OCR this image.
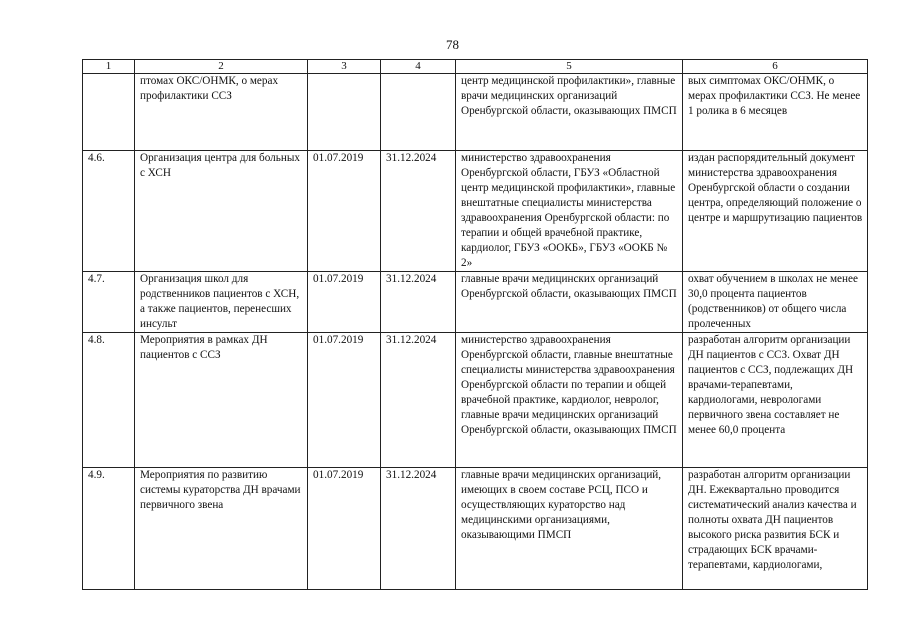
78
1	2	3	4	5	6
	птомах ОКС/ОНМК, о мерах профилактики ССЗ			центр медицинской профилактики», главные врачи медицинских организаций Оренбургской области, оказывающих ПМСП	вых симптомах ОКС/ОНМК, о мерах профилактики ССЗ. Не менее 1 ролика в 6 месяцев
4.6.	Организация центра для больных с ХСН	01.07.2019	31.12.2024	министерство здравоохранения Оренбургской области, ГБУЗ «Областной центр медицинской профилактики», главные внештатные специалисты министерства здравоохранения Оренбургской области: по терапии и общей врачебной практике, кардиолог, ГБУЗ «ООКБ», ГБУЗ «ООКБ № 2»	издан распорядительный документ министерства здравоохранения Оренбургской области о создании центра, определяющий положение о центре и маршрутизацию пациентов
4.7.	Организация школ для родственников пациентов с ХСН, а также пациентов, перенесших инсульт	01.07.2019	31.12.2024	главные врачи медицинских организаций Оренбургской области, оказывающих ПМСП	охват обучением в школах не менее 30,0 процента пациентов (родственников) от общего числа пролеченных
4.8.	Мероприятия в рамках ДН пациентов с ССЗ	01.07.2019	31.12.2024	министерство здравоохранения Оренбургской области, главные внештатные специалисты министерства здравоохранения Оренбургской области по терапии и общей врачебной практике, кардиолог, невролог, главные врачи медицинских организаций Оренбургской области, оказывающих ПМСП	разработан алгоритм организации ДН пациентов с ССЗ. Охват ДН пациентов с ССЗ, подлежащих ДН врачами-терапевтами, кардиологами, неврологами первичного звена составляет не менее 60,0 процента

4.9.	Мероприятия по развитию системы кураторства ДН врачами первичного звена	01.07.2019	31.12.2024	главные врачи медицинских организаций, имеющих в своем составе РСЦ, ПСО и осуществляющих кураторство над медицинскими организациями, оказывающими ПМСП	разработан алгоритм организации ДН. Ежеквартально проводится систематический анализ качества и полноты охвата ДН пациентов высокого риска развития БСК и страдающих БСК врачами-терапевтами, кардиологами,
